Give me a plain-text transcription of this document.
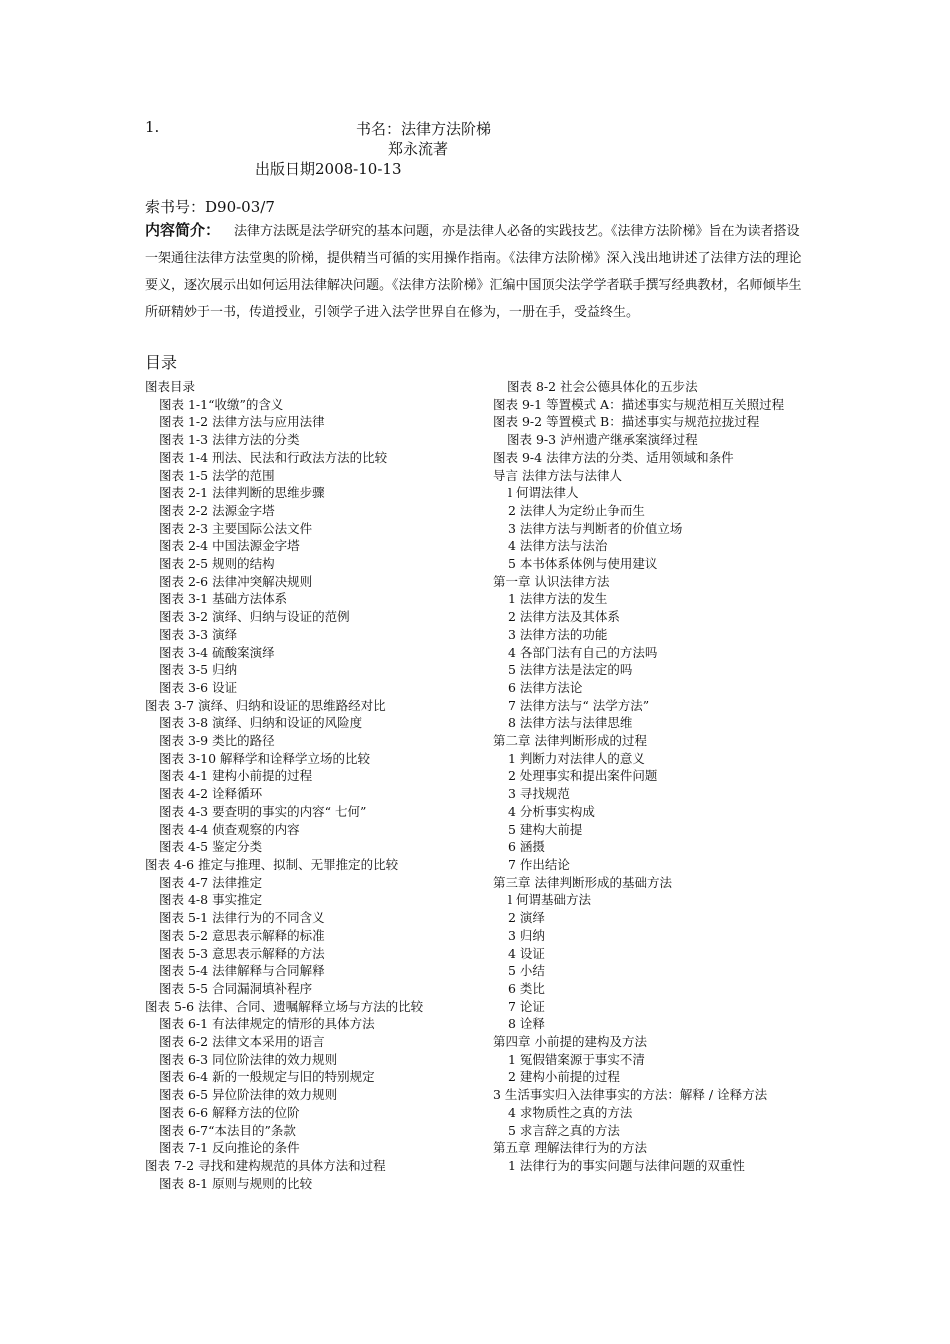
1.	书名：法律方法阶梯
郑永流著
出版日期2008-10-13
索书号：D90-03/7
内容简介： 法律方法既是法学研究的基本问题，亦是法律人必备的实践技艺。《法律方法阶梯》旨在为读者搭设一架通往法律方法堂奥的阶梯，提供精当可循的实用操作指南。《法律方法阶梯》深入浅出地讲述了法律方法的理论要义，逐次展示出如何运用法律解决问题。《法律方法阶梯》汇编中国顶尖法学学者联手撰写经典教材，名师倾毕生所研精妙于一书，传道授业，引领学子进入法学世界自在修为，一册在手，受益终生。
目录
图表目录
图表 1-1“收缴”的含义
图表 1-2 法律方法与应用法律
图表 1-3 法律方法的分类
图表 1-4 刑法、民法和行政法方法的比较
图表 1-5 法学的范围
图表 2-1 法律判断的思维步骤
图表 2-2 法源金字塔
图表 2-3 主要国际公法文件
图表 2-4 中国法源金字塔
图表 2-5 规则的结构
图表 2-6 法律冲突解决规则
图表 3-1 基础方法体系
图表 3-2 演绎、归纳与设证的范例
图表 3-3 演绎
图表 3-4 硫酸案演绎
图表 3-5 归纳
图表 3-6 设证
图表 3-7 演绎、归纳和设证的思维路经对比
图表 3-8 演绎、归纳和设证的风险度
图表 3-9 类比的路径
图表 3-10 解释学和诠释学立场的比较
图表 4-1 建构小前提的过程
图表 4-2 诠释循环
图表 4-3 要查明的事实的内容“ 七何”
图表 4-4 侦查观察的内容
图表 4-5 鉴定分类
图表 4-6 推定与推理、拟制、无罪推定的比较
图表 4-7 法律推定
图表 4-8 事实推定
图表 5-1 法律行为的不同含义
图表 5-2 意思表示解释的标准
图表 5-3 意思表示解释的方法
图表 5-4 法律解释与合同解释
图表 5-5 合同漏洞填补程序
图表 5-6 法律、合同、遗嘱解释立场与方法的比较
图表 6-1 有法律规定的情形的具体方法
图表 6-2 法律文本采用的语言
图表 6-3 同位阶法律的效力规则
图表 6-4 新的一般规定与旧的特别规定
图表 6-5 异位阶法律的效力规则
图表 6-6 解释方法的位阶
图表 6-7“本法目的”条款
图表 7-1 反向推论的条件
图表 7-2 寻找和建构规范的具体方法和过程
图表 8-1 原则与规则的比较
图表 8-2 社会公德具体化的五步法
图表 9-1 等置模式 A：描述事实与规范相互关照过程
图表 9-2 等置模式 B：描述事实与规范拉拢过程
图表 9-3 泸州遗产继承案演绎过程
图表 9-4 法律方法的分类、适用领域和条件
导言 法律方法与法律人
l 何谓法律人
2 法律人为定纷止争而生
3 法律方法与判断者的价值立场
4 法律方法与法治
5 本书体系体例与使用建议
第一章 认识法律方法
1 法律方法的发生
2 法律方法及其体系
3 法律方法的功能
4 各部门法有自己的方法吗
5 法律方法是法定的吗
6 法律方法论
7 法律方法与“ 法学方法”
8 法律方法与法律思维
第二章 法律判断形成的过程
1 判断力对法律人的意义
2 处理事实和提出案件问题
3 寻找规范
4 分析事实构成
5 建构大前提
6 涵摄
7 作出结论
第三章 法律判断形成的基础方法
l 何谓基础方法
2 演绎
3 归纳
4 设证
5 小结
6 类比
7 论证
8 诠释
第四章 小前提的建构及方法
1 冤假错案源于事实不清
2 建构小前提的过程
3 生活事实归入法律事实的方法：解释 / 诠释方法
4 求物质性之真的方法
5 求言辞之真的方法
第五章 理解法律行为的方法
1 法律行为的事实问题与法律问题的双重性
